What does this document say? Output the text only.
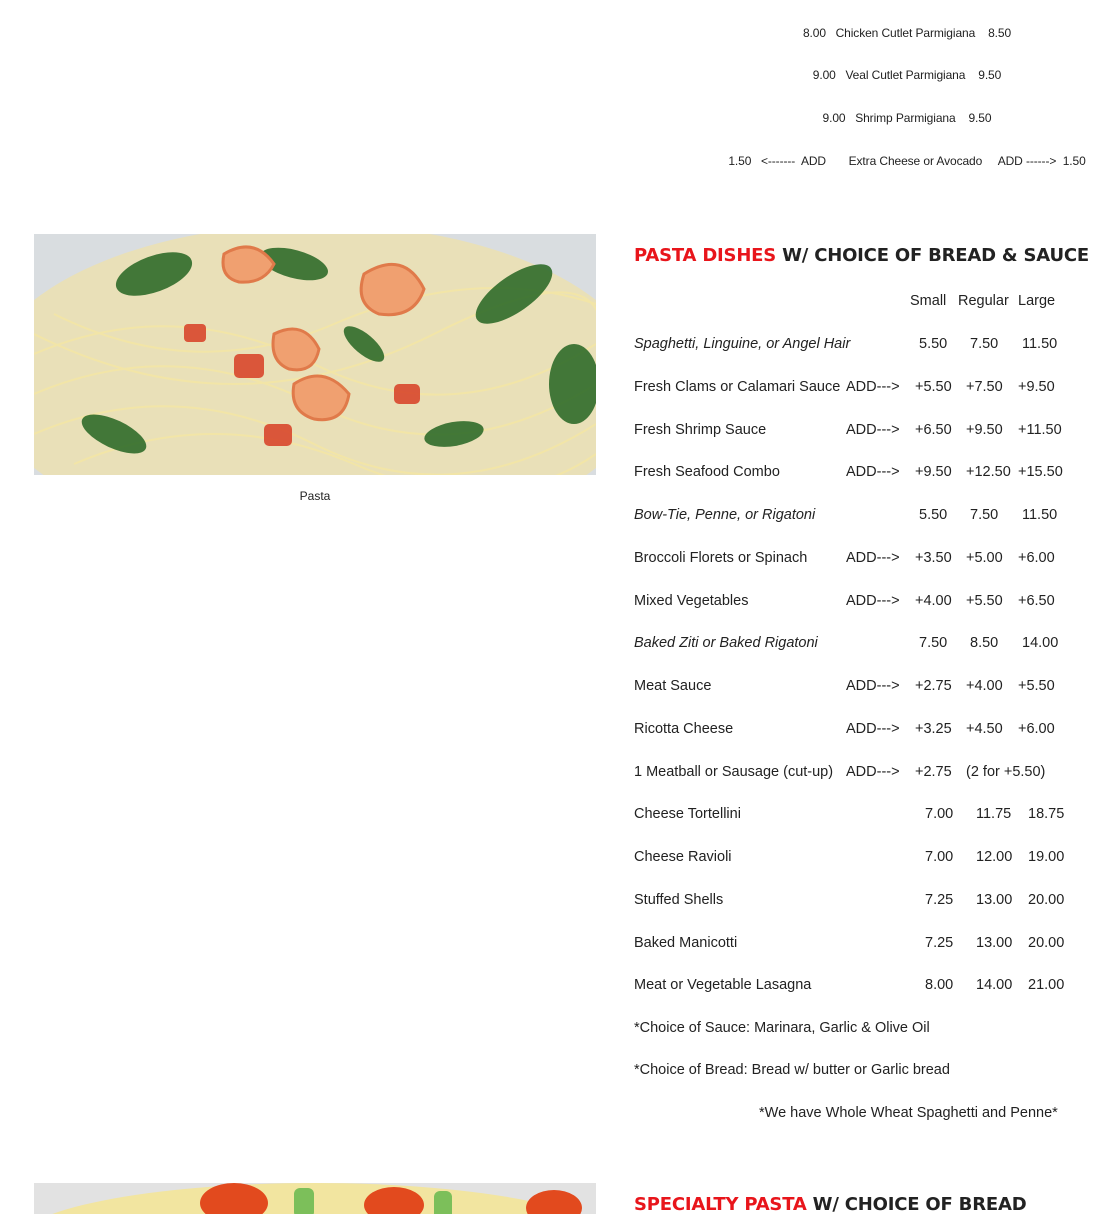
8.00   Chicken Cutlet Parmigiana    8.50
9.00   Veal Cutlet Parmigiana    9.50
9.00   Shrimp Parmigiana    9.50
1.50   <-------  ADD       Extra Cheese or Avocado     ADD ------>  1.50
Pasta
PASTA DISHES W/ CHOICE OF BREAD & SAUCE
Small Regular Large
Spaghetti, Linguine, or Angel Hair	5.50 7.50 11.50
Fresh Clams or Calamari Sauce ADD---> +5.50 +7.50 +9.50
Fresh Shrimp Sauce	ADD---> +6.50 +9.50 +11.50
Fresh Seafood Combo	ADD---> +9.50 +12.50 +15.50
Bow-Tie, Penne, or Rigatoni	5.50 7.50 11.50
Broccoli Florets or Spinach	ADD---> +3.50 +5.00 +6.00
Mixed Vegetables	ADD---> +4.00 +5.50 +6.50
Baked Ziti or Baked Rigatoni	7.50 8.50 14.00
Meat Sauce	ADD---> +2.75 +4.00 +5.50
Ricotta Cheese	ADD---> +3.25 +4.50 +6.00
1 Meatball or Sausage (cut-up) ADD---> +2.75 (2 for +5.50)
Cheese Tortellini	7.00 11.75 18.75
Cheese Ravioli	7.00 12.00 19.00
Stuffed Shells	7.25 13.00 20.00
Baked Manicotti	7.25 13.00 20.00
Meat or Vegetable Lasagna	8.00 14.00 21.00
*Choice of Sauce: Marinara, Garlic & Olive Oil
*Choice of Bread: Bread w/ butter or Garlic bread
*We have Whole Wheat Spaghetti and Penne*
SPECIALTY PASTA W/ CHOICE OF BREAD
